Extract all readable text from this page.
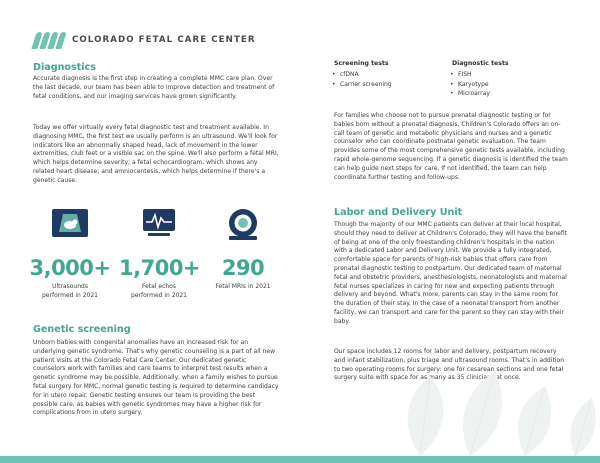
COLORADO FETAL CARE CENTER
Diagnostics

Accurate diagnosis is the first step in creating a complete MMC care plan. Over the last decade, our team has been able to improve detection and treatment of fetal conditions, and our imaging services have grown significantly.

Today we offer virtually every fetal diagnostic test and treatment available. In diagnosing MMC, the first test we usually perform is an ultrasound. We'll look for indicators like an abnormally shaped head, lack of movement in the lower extremities, club feet or a visible sac on the spine. We'll also perform a fetal MRI, which helps determine severity; a fetal echocardiogram, which shows any related heart disease; and amniocentesis, which helps determine if there's a genetic cause.

3,000+
Ultrasounds
performed in 2021
1,700+
Fetal echos
performed in 2021
290
Fetal MRIs in 2021
Genetic screening

Unborn babies with congenital anomalies have an increased risk for an underlying genetic syndrome. That's why genetic counseling is a part of all new patient visits at the Colorado Fetal Care Center. Our dedicated genetic counselors work with families and care teams to interpret test results when a genetic syndrome may be possible. Additionally, when a family wishes to pursue fetal surgery for MMC, normal genetic testing is required to determine candidacy for in utero repair. Genetic testing ensures our team is providing the best possible care, as babies with genetic syndromes may have a higher risk for complications from in utero surgery.

Screening tests
• cfDNA
• Carrier screening
Diagnostic tests
• FISH
• Karyotype
• Microarray

For families who choose not to pursue prenatal diagnostic testing or for babies born without a prenatal diagnosis, Children's Colorado offers an on-call team of genetic and metabolic physicians and nurses and a genetic counselor who can coordinate postnatal genetic evaluation. The team provides some of the most comprehensive genetic tests available, including rapid whole-genome sequencing. If a genetic diagnosis is identified the team can help guide next steps for care. If not identified, the team can help coordinate further testing and follow-ups.

Labor and Delivery Unit

Though the majority of our MMC patients can deliver at their local hospital, should they need to deliver at Children's Colorado, they will have the benefit of being at one of the only freestanding children's hospitals in the nation with a dedicated Labor and Delivery Unit. We provide a fully integrated, comfortable space for parents of high-risk babies that offers care from prenatal diagnostic testing to postpartum. Our dedicated team of maternal fetal and obstetric providers, anesthesiologists, neonatologists and maternal fetal nurses specializes in caring for new and expecting patients through delivery and beyond. What's more, parents can stay in the same room for the duration of their stay. In the case of a neonatal transport from another facility, we can transport and care for the parent so they can stay with their baby.

Our space includes 12 rooms for labor and delivery, postpartum recovery and infant stabilization, plus triage and ultrasound rooms. That's in addition to two operating rooms for surgery: one for cesarean sections and one fetal surgery suite with space for as many as 35 clinicians at once.
